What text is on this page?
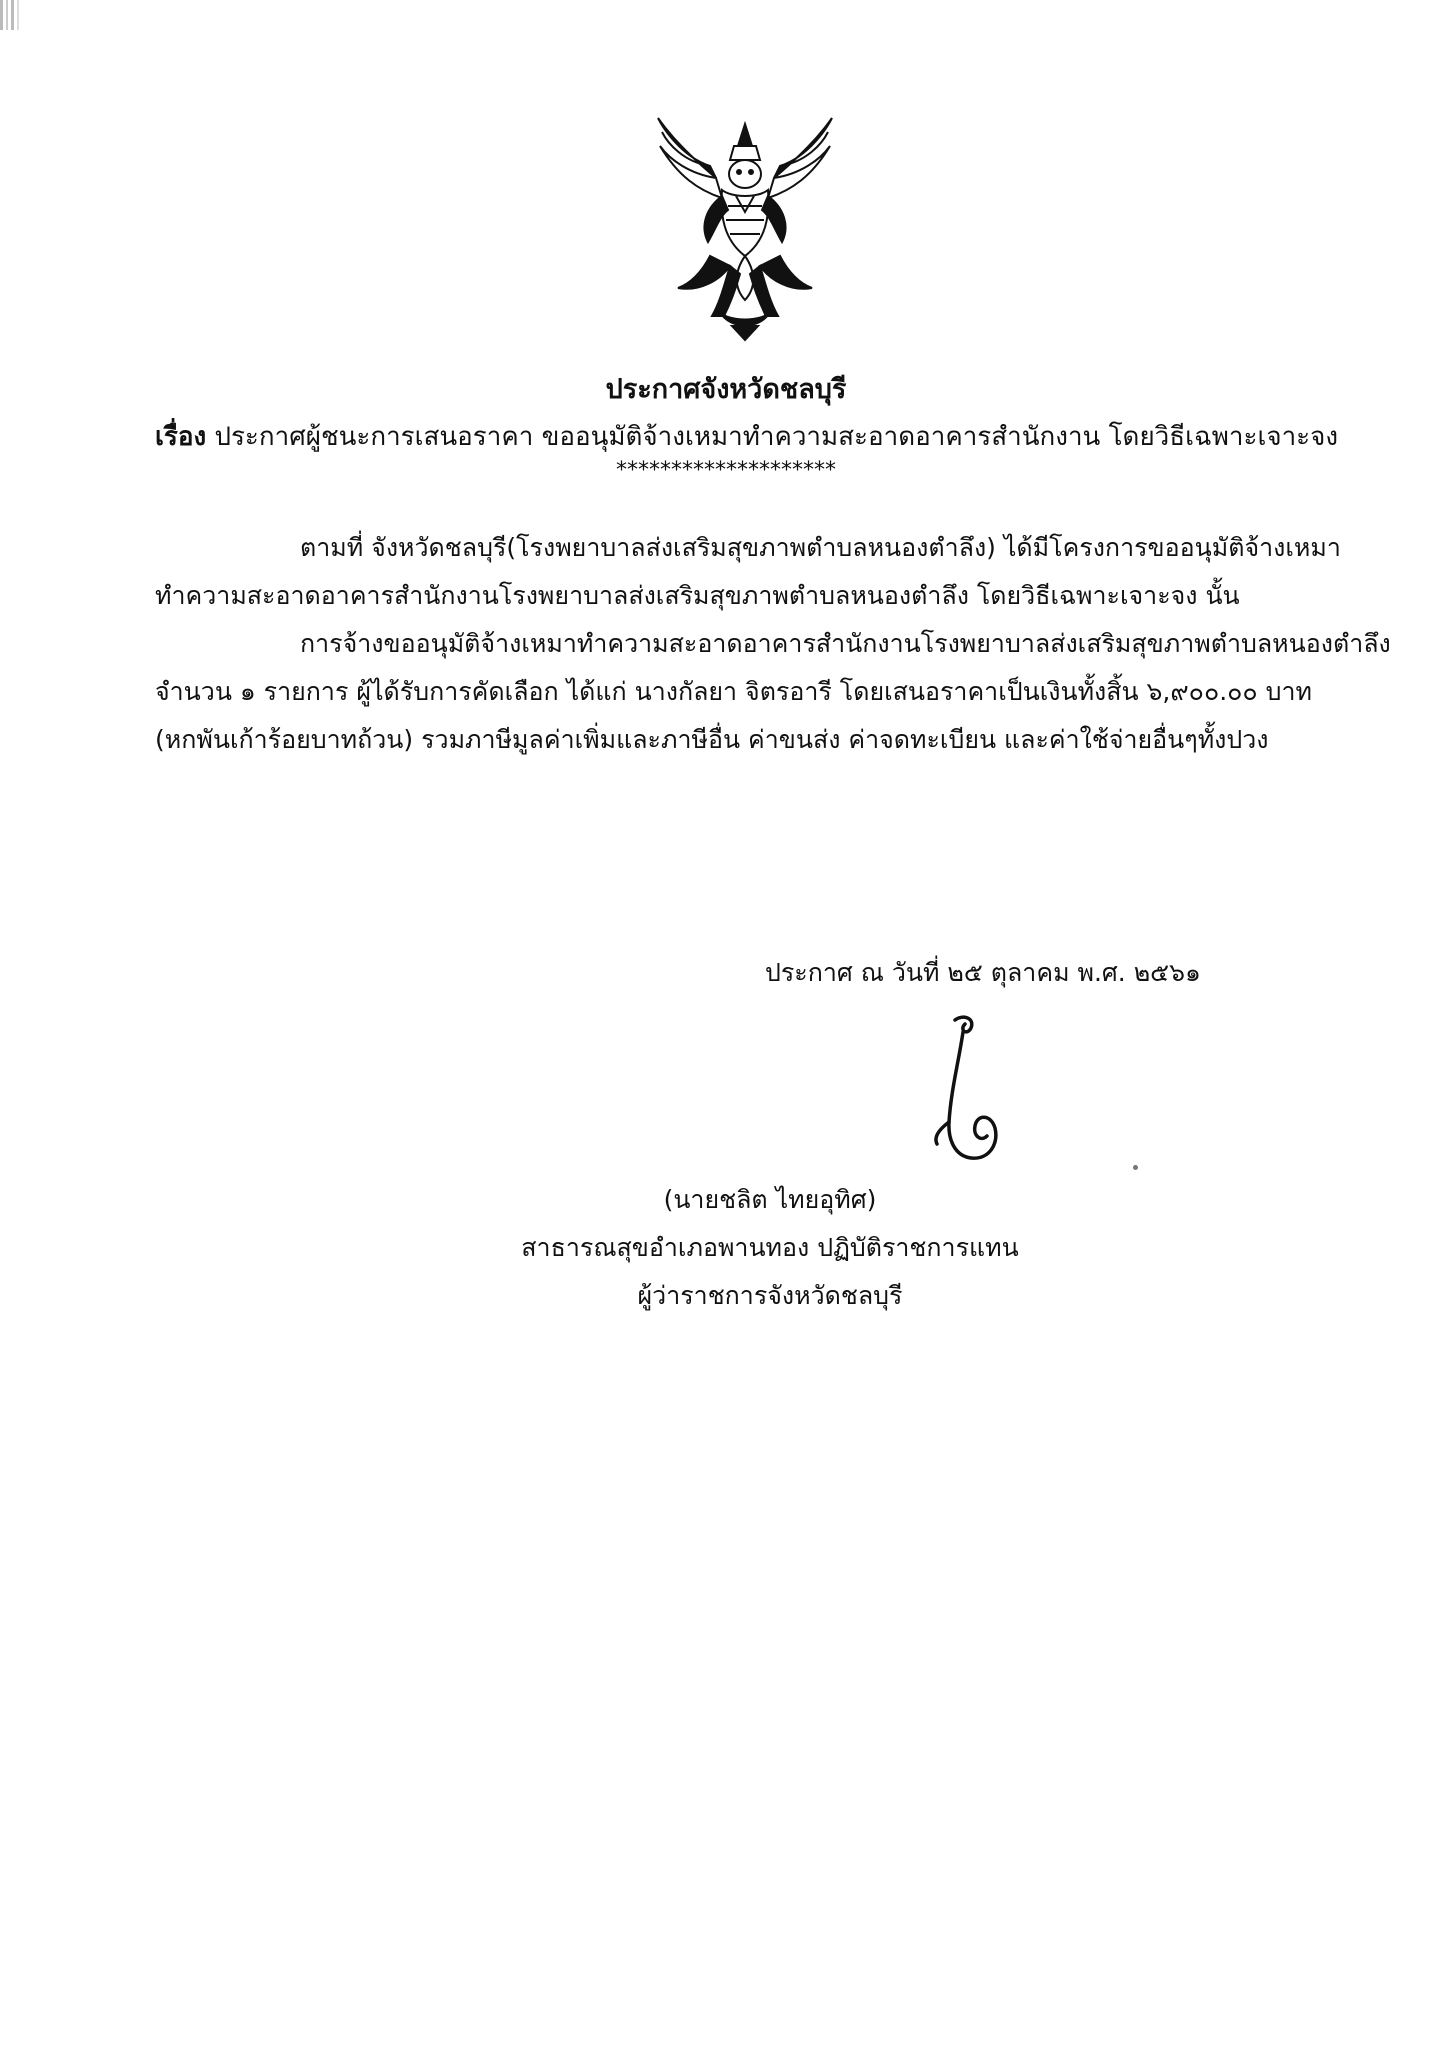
ประกาศจังหวัดชลบุรี
เรื่อง ประกาศผู้ชนะการเสนอราคา ขออนุมัติจ้างเหมาทำความสะอาดอาคารสำนักงาน โดยวิธีเฉพาะเจาะจง
********************
ตามที่ จังหวัดชลบุรี(โรงพยาบาลส่งเสริมสุขภาพตำบลหนองตำลึง) ได้มีโครงการขออนุมัติจ้างเหมา
ทำความสะอาดอาคารสำนักงานโรงพยาบาลส่งเสริมสุขภาพตำบลหนองตำลึง โดยวิธีเฉพาะเจาะจง นั้น
การจ้างขออนุมัติจ้างเหมาทำความสะอาดอาคารสำนักงานโรงพยาบาลส่งเสริมสุขภาพตำบลหนองตำลึง
จำนวน ๑ รายการ ผู้ได้รับการคัดเลือก ได้แก่ นางกัลยา จิตรอารี โดยเสนอราคาเป็นเงินทั้งสิ้น ๖,๙๐๐.๐๐ บาท
(หกพันเก้าร้อยบาทถ้วน) รวมภาษีมูลค่าเพิ่มและภาษีอื่น ค่าขนส่ง ค่าจดทะเบียน และค่าใช้จ่ายอื่นๆทั้งปวง
ประกาศ ณ วันที่ ๒๕ ตุลาคม พ.ศ. ๒๕๖๑
(นายชลิต ไทยอุทิศ)
สาธารณสุขอำเภอพานทอง ปฏิบัติราชการแทน
ผู้ว่าราชการจังหวัดชลบุรี
